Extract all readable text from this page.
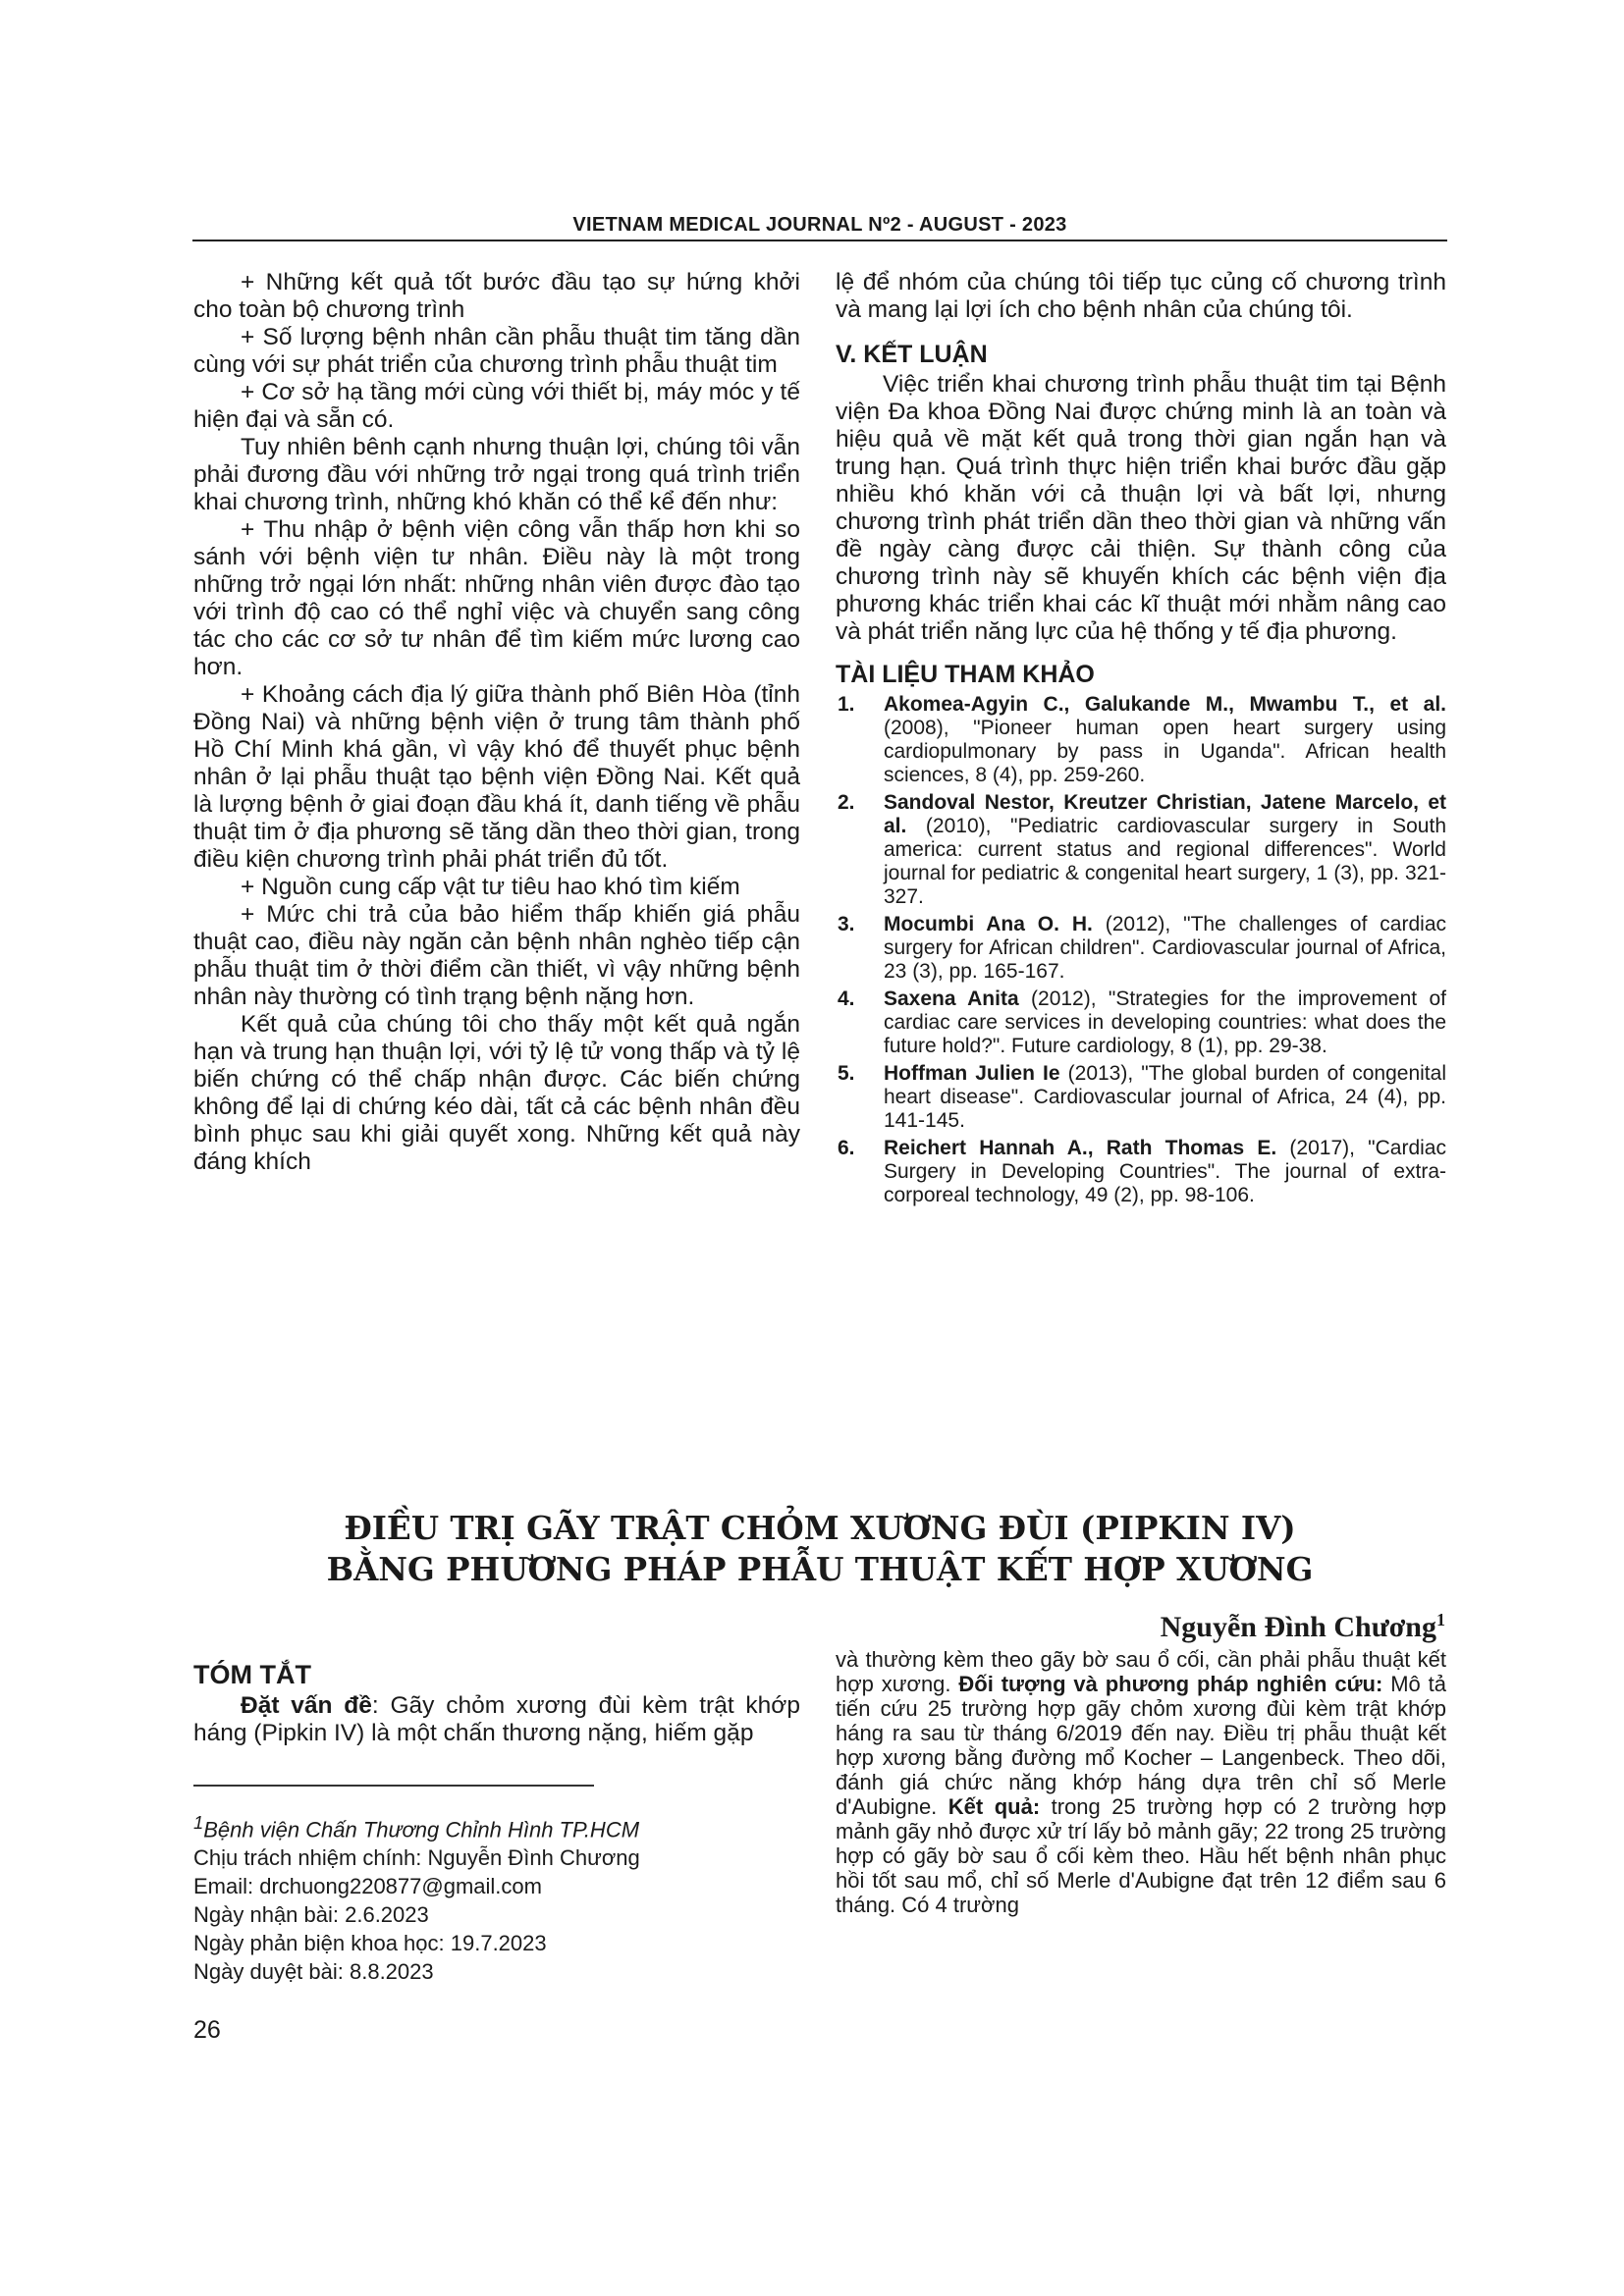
VIETNAM MEDICAL JOURNAL Nº2 - AUGUST - 2023

+ Những kết quả tốt bước đầu tạo sự hứng khởi cho toàn bộ chương trình

+ Số lượng bệnh nhân cần phẫu thuật tim tăng dần cùng với sự phát triển của chương trình phẫu thuật tim

+ Cơ sở hạ tầng mới cùng với thiết bị, máy móc y tế hiện đại và sẵn có.

Tuy nhiên bênh cạnh nhưng thuận lợi, chúng tôi vẫn phải đương đầu với những trở ngại trong quá trình triển khai chương trình, những khó khăn có thể kể đến như:

+ Thu nhập ở bệnh viện công vẫn thấp hơn khi so sánh với bệnh viện tư nhân. Điều này là một trong những trở ngại lớn nhất: những nhân viên được đào tạo với trình độ cao có thể nghỉ việc và chuyển sang công tác cho các cơ sở tư nhân để tìm kiếm mức lương cao hơn.

+ Khoảng cách địa lý giữa thành phố Biên Hòa (tỉnh Đồng Nai) và những bệnh viện ở trung tâm thành phố Hồ Chí Minh khá gần, vì vậy khó để thuyết phục bệnh nhân ở lại phẫu thuật tạo bệnh viện Đồng Nai. Kết quả là lượng bệnh ở giai đoạn đầu khá ít, danh tiếng về phẫu thuật tim ở địa phương sẽ tăng dần theo thời gian, trong điều kiện chương trình phải phát triển đủ tốt.

+ Nguồn cung cấp vật tư tiêu hao khó tìm kiếm

+ Mức chi trả của bảo hiểm thấp khiến giá phẫu thuật cao, điều này ngăn cản bệnh nhân nghèo tiếp cận phẫu thuật tim ở thời điểm cần thiết, vì vậy những bệnh nhân này thường có tình trạng bệnh nặng hơn.

Kết quả của chúng tôi cho thấy một kết quả ngắn hạn và trung hạn thuận lợi, với tỷ lệ tử vong thấp và tỷ lệ biến chứng có thể chấp nhận được. Các biến chứng không để lại di chứng kéo dài, tất cả các bệnh nhân đều bình phục sau khi giải quyết xong. Những kết quả này đáng khích

lệ để nhóm của chúng tôi tiếp tục củng cố chương trình và mang lại lợi ích cho bệnh nhân của chúng tôi.

V. KẾT LUẬN

Việc triển khai chương trình phẫu thuật tim tại Bệnh viện Đa khoa Đồng Nai được chứng minh là an toàn và hiệu quả về mặt kết quả trong thời gian ngắn hạn và trung hạn. Quá trình thực hiện triển khai bước đầu gặp nhiều khó khăn với cả thuận lợi và bất lợi, nhưng chương trình phát triển dần theo thời gian và những vấn đề ngày càng được cải thiện. Sự thành công của chương trình này sẽ khuyến khích các bệnh viện địa phương khác triển khai các kĩ thuật mới nhằm nâng cao và phát triển năng lực của hệ thống y tế địa phương.

TÀI LIỆU THAM KHẢO
1. Akomea-Agyin C., Galukande M., Mwambu T., et al. (2008), "Pioneer human open heart surgery using cardiopulmonary by pass in Uganda". African health sciences, 8 (4), pp. 259-260.
2. Sandoval Nestor, Kreutzer Christian, Jatene Marcelo, et al. (2010), "Pediatric cardiovascular surgery in South america: current status and regional differences". World journal for pediatric & congenital heart surgery, 1 (3), pp. 321-327.
3. Mocumbi Ana O. H. (2012), "The challenges of cardiac surgery for African children". Cardiovascular journal of Africa, 23 (3), pp. 165-167.
4. Saxena Anita (2012), "Strategies for the improvement of cardiac care services in developing countries: what does the future hold?". Future cardiology, 8 (1), pp. 29-38.
5. Hoffman Julien Ie (2013), "The global burden of congenital heart disease". Cardiovascular journal of Africa, 24 (4), pp. 141-145.
6. Reichert Hannah A., Rath Thomas E. (2017), "Cardiac Surgery in Developing Countries". The journal of extra-corporeal technology, 49 (2), pp. 98-106.
ĐIỀU TRỊ GÃY TRẬT CHỎM XƯƠNG ĐÙI (PIPKIN IV)
BẰNG PHƯƠNG PHÁP PHẪU THUẬT KẾT HỢP XƯƠNG
Nguyễn Đình Chương$^1$
TÓM TẮT

Đặt vấn đề: Gãy chỏm xương đùi kèm trật khớp háng (Pipkin IV) là một chấn thương nặng, hiếm gặp

$^1$Bệnh viện Chấn Thương Chỉnh Hình TP.HCM
Chịu trách nhiệm chính: Nguyễn Đình Chương
Email: drchuong220877@gmail.com
Ngày nhận bài: 2.6.2023
Ngày phản biện khoa học: 19.7.2023
Ngày duyệt bài: 8.8.2023

và thường kèm theo gãy bờ sau ổ cối, cần phải phẫu thuật kết hợp xương. Đối tượng và phương pháp nghiên cứu: Mô tả tiến cứu 25 trường hợp gãy chỏm xương đùi kèm trật khớp háng ra sau từ tháng 6/2019 đến nay. Điều trị phẫu thuật kết hợp xương bằng đường mổ Kocher – Langenbeck. Theo dõi, đánh giá chức năng khớp háng dựa trên chỉ số Merle d'Aubigne. Kết quả: trong 25 trường hợp có 2 trường hợp mảnh gãy nhỏ được xử trí lấy bỏ mảnh gãy; 22 trong 25 trường hợp có gãy bờ sau ổ cối kèm theo. Hầu hết bệnh nhân phục hồi tốt sau mổ, chỉ số Merle d'Aubigne đạt trên 12 điểm sau 6 tháng. Có 4 trường

26
